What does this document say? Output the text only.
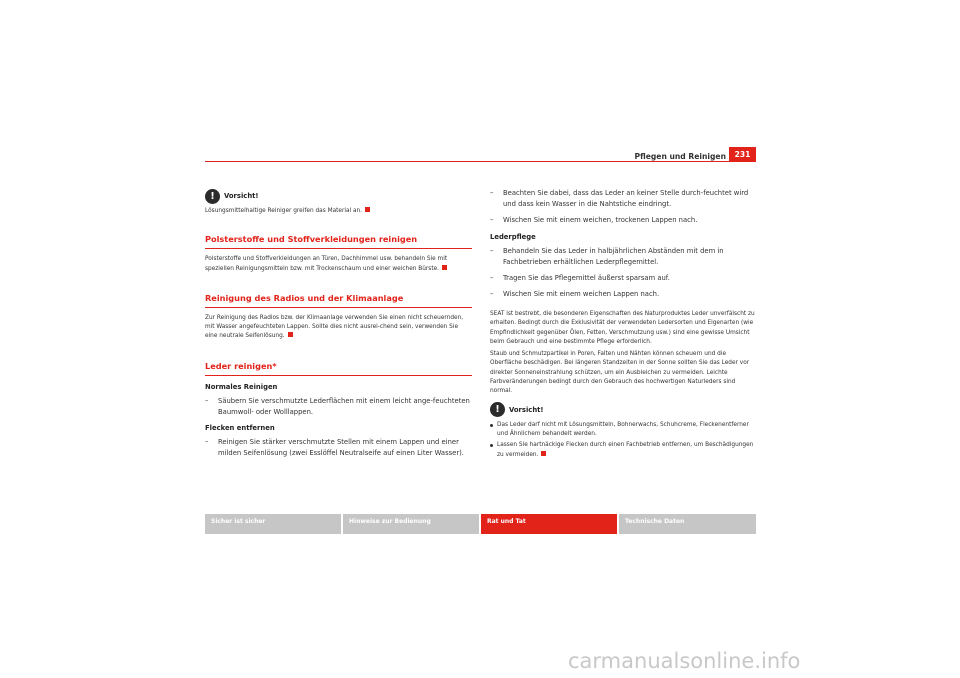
Pflegen und Reinigen	231
!	Vorsicht!

Lösungsmittelhaltige Reiniger greifen das Material an.

Polsterstoffe und Stoffverkleidungen reinigen

Polsterstoffe und Stoffverkleidungen an Türen, Dachhimmel usw. behandeln Sie mit speziellen Reinigungsmitteln bzw. mit Trockenschaum und einer weichen Bürste.

Reinigung des Radios und der Klimaanlage

Zur Reinigung des Radios bzw. der Klimaanlage verwenden Sie einen nicht scheuernden, mit Wasser angefeuchteten Lappen. Sollte dies nicht ausrei-chend sein, verwenden Sie eine neutrale Seifenlösung.

Leder reinigen*
Normales Reinigen
– Säubern Sie verschmutzte Lederflächen mit einem leicht ange-feuchteten Baumwoll- oder Wolllappen.
Flecken entfernen
– Reinigen Sie stärker verschmutzte Stellen mit einem Lappen und einer milden Seifenlösung (zwei Esslöffel Neutralseife auf einen Liter Wasser).
– Beachten Sie dabei, dass das Leder an keiner Stelle durch-feuchtet wird und dass kein Wasser in die Nahtstiche eindringt.
– Wischen Sie mit einem weichen, trockenen Lappen nach.
Lederpflege
– Behandeln Sie das Leder in halbjährlichen Abständen mit dem in Fachbetrieben erhältlichen Lederpflegemittel.
– Tragen Sie das Pflegemittel äußerst sparsam auf.
– Wischen Sie mit einem weichen Lappen nach.

SEAT ist bestrebt, die besonderen Eigenschaften des Naturproduktes Leder unverfälscht zu erhalten. Bedingt durch die Exklusivität der verwendeten Ledersorten und Eigenarten (wie Empfindlichkeit gegenüber Ölen, Fetten, Verschmutzung usw.) sind eine gewisse Umsicht beim Gebrauch und eine bestimmte Pflege erforderlich.

Staub und Schmutzpartikel in Poren, Falten und Nähten können scheuern und die Oberfläche beschädigen. Bei längeren Standzeiten in der Sonne sollten Sie das Leder vor direkter Sonneneinstrahlung schützen, um ein Ausbleichen zu vermeiden. Leichte Farbveränderungen bedingt durch den Gebrauch des hochwertigen Naturleders sind normal.

!	Vorsicht!

Das Leder darf nicht mit Lösungsmitteln, Bohnerwachs, Schuhcreme, Fleckenentferner und Ähnlichem behandelt werden.

Lassen Sie hartnäckige Flecken durch einen Fachbetrieb entfernen, um Beschädigungen zu vermeiden.

Sicher ist sicher	Hinweise zur Bedienung	Rat und Tat	Technische Daten
carmanualsonline.info
